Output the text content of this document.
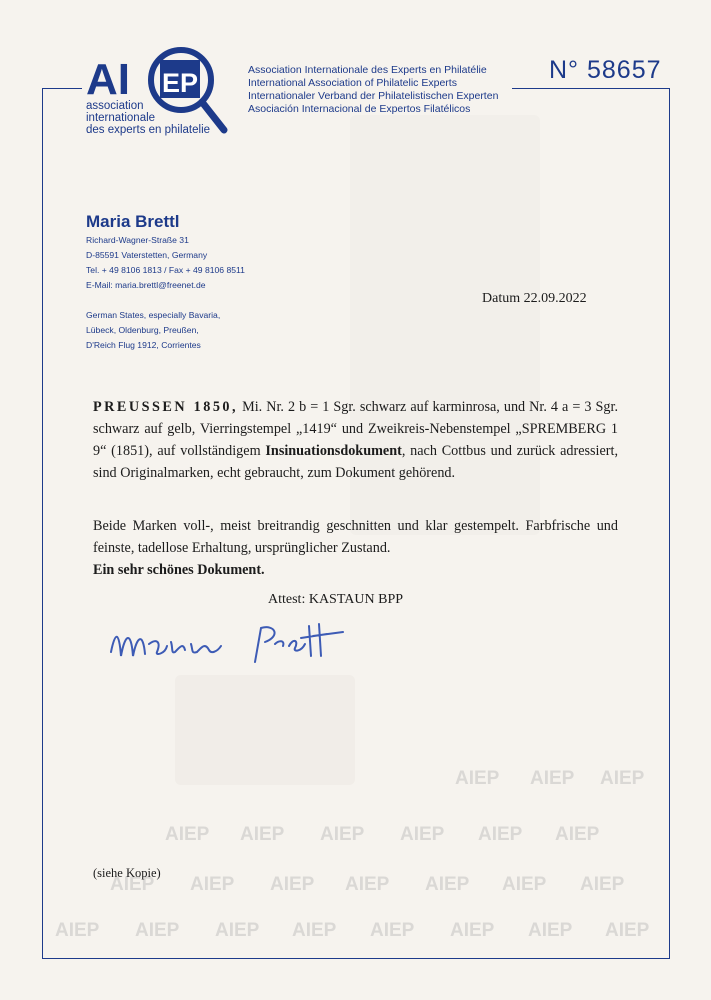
AI EP
association
internationale
des experts en philatelie
Association Internationale des Experts en Philatélie
International Association of Philatelic Experts
Internationaler Verband der Philatelistischen Experten
Asociación Internacional de Expertos Filatélicos
N° 58657
Maria Brettl
Richard-Wagner-Straße 31
D-85591 Vaterstetten, Germany
Tel. + 49 8106 1813 / Fax + 49 8106 8511
E-Mail: maria.brettl@freenet.de
German States, especially Bavaria,
Lübeck, Oldenburg, Preußen,
D'Reich Flug 1912, Corrientes
Datum 22.09.2022
PREUSSEN 1850, Mi. Nr. 2 b = 1 Sgr. schwarz auf karminrosa, und Nr. 4 a = 3 Sgr. schwarz auf gelb, Vierringstempel „1419“ und Zweikreis-Nebenstempel „SPREMBERG 1 9“ (1851), auf vollständigem Insinuationsdokument, nach Cottbus und zurück adressiert, sind Originalmarken, echt gebraucht, zum Dokument gehörend.
Beide Marken voll-, meist breitrandig geschnitten und klar gestempelt. Farbfrische und feinste, tadellose Erhaltung, ursprünglicher Zustand.
Ein sehr schönes Dokument.
Attest: KASTAUN BPP
AIEP AIEP AIEP
AIEP AIEP AIEP AIEP AIEP AIEP
AIEP AIEP AIEP AIEP AIEP AIEP AIEP
AIEP AIEP AIEP AIEP AIEP AIEP AIEP AIEP
(siehe Kopie)
